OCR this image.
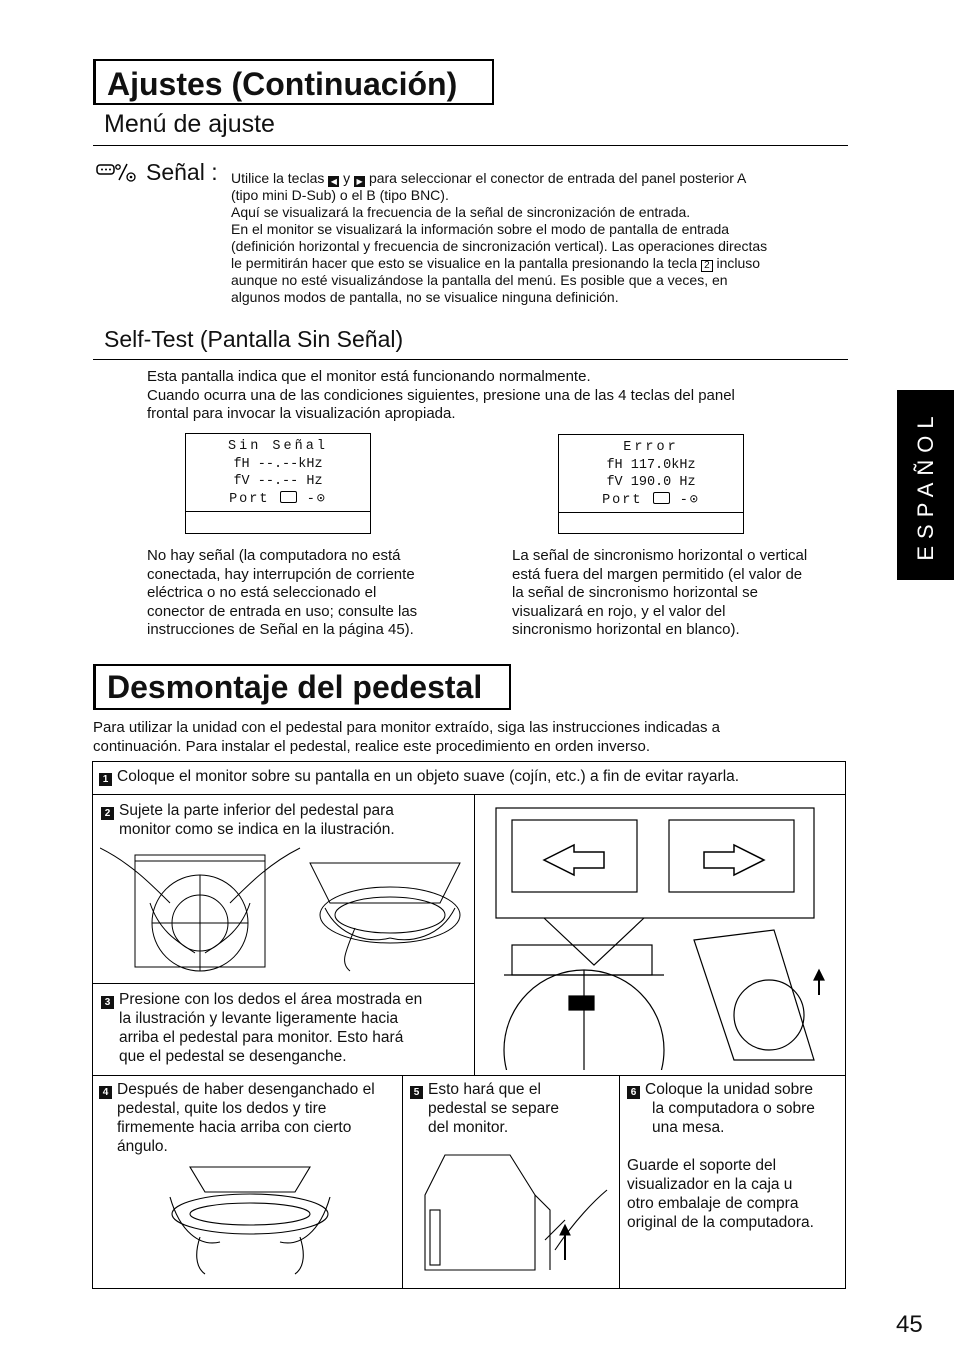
Ajustes (Continuación)
Menú de ajuste
Señal : Utilice la teclas ◀ y ▶ para seleccionar el conector de entrada del panel posterior A
(tipo mini D-Sub) o el B (tipo BNC).
Aquí se visualizará la frecuencia de la señal de sincronización de entrada.
En el monitor se visualizará la información sobre el modo de pantalla de entrada
(definición horizontal y frecuencia de sincronización vertical). Las operaciones directas
le permitirán hacer que esto se visualice en la pantalla presionando la tecla 2 incluso
aunque no esté visualizándose la pantalla del menú. Es posible que a veces, en
algunos modos de pantalla, no se visualice ninguna definición.
Self-Test (Pantalla Sin Señal)
Esta pantalla indica que el monitor está funcionando normalmente.
Cuando ocurra una de las condiciones siguientes, presione una de las 4 teclas del panel
frontal para invocar la visualización apropiada.
Sin Señal
fH --.--kHz
fV --.-- Hz
Port	-⊙
Error
fH 117.0kHz
fV 190.0 Hz
Port	-⊙
No hay señal (la computadora no está
conectada, hay interrupción de corriente
eléctrica o no está seleccionado el
conector de entrada en uso; consulte las
instrucciones de Señal en la página 45).
La señal de sincronismo horizontal o vertical
está fuera del margen permitido (el valor de
la señal de sincronismo horizontal se
visualizará en rojo, y el valor del
sincronismo horizontal en blanco).
ESPAÑOL
Desmontaje del pedestal
Para utilizar la unidad con el pedestal para monitor extraído, siga las instrucciones indicadas a
continuación. Para instalar el pedestal, realice este procedimiento en orden inverso.
1 Coloque el monitor sobre su pantalla en un objeto suave (cojín, etc.) a fin de evitar rayarla.
2 Sujete la parte inferior del pedestal para
monitor como se indica en la ilustración.
3 Presione con los dedos el área mostrada en
la ilustración y levante ligeramente hacia
arriba el pedestal para monitor. Esto hará
que el pedestal se desenganche.
4 Después de haber desenganchado el
pedestal, quite los dedos y tire
firmemente hacia arriba con cierto
ángulo.
5 Esto hará que el
pedestal se separe
del monitor.
6 Coloque la unidad sobre
la computadora o sobre
una mesa.
Guarde el soporte del
visualizador en la caja u
otro embalaje de compra
original de la computadora.
45
